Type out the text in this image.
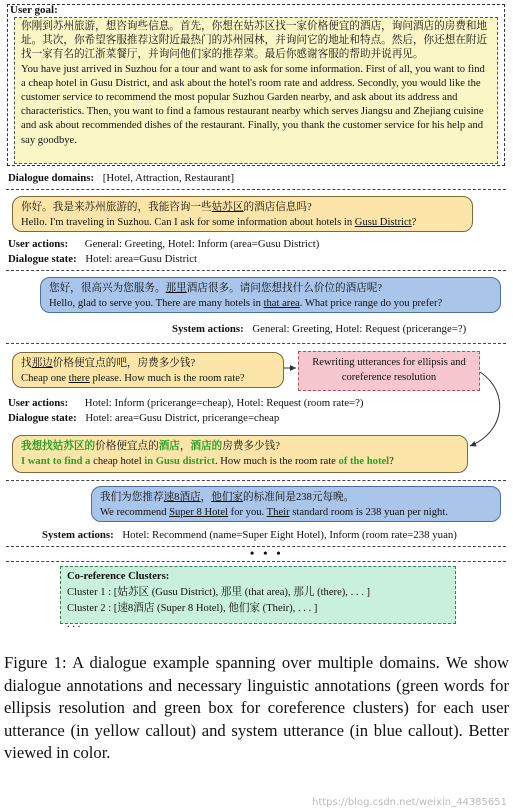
User goal:
你刚到苏州旅游，想咨询些信息。首先，你想在姑苏区找一家价格便宜的酒店，询问酒店的房费和地址。其次，你希望客服推荐这附近最热门的苏州园林，并询问它的地址和特点。然后，你还想在附近找一家有名的江浙菜餐厅，并询问他们家的推荐菜。最后你感谢客服的帮助并说再见。
You have just arrived in Suzhou for a tour and want to ask for some information. First of all, you want to find a cheap hotel in Gusu District, and ask about the hotel's room rate and address. Secondly, you would like the customer service to recommend the most popular Suzhou Garden nearby, and ask about its address and characteristics. Then, you want to find a famous restaurant nearby which serves Jiangsu and Zhejiang cuisine and ask about recommended dishes of the restaurant. Finally, you thank the customer service for his help and say goodbye.
Dialogue domains: [Hotel, Attraction, Restaurant]
你好。我是来苏州旅游的，我能咨询一些姑苏区的酒店信息吗?
Hello. I'm traveling in Suzhou. Can I ask for some information about hotels in Gusu District?
User actions: General: Greeting, Hotel: Inform (area=Gusu District)
Dialogue state: Hotel: area=Gusu District
您好，很高兴为您服务。那里酒店很多。请问您想找什么价位的酒店呢?
Hello, glad to serve you. There are many hotels in that area. What price range do you prefer?
System actions: General: Greeting, Hotel: Request (pricerange=?)
找那边价格便宜点的吧，房费多少钱?
Cheap one there please. How much is the room rate?
Rewriting utterances for ellipsis and coreference resolution
User actions: Hotel: Inform (pricerange=cheap), Hotel: Request (room rate=?)
Dialogue state: Hotel: area=Gusu District, pricerange=cheap
我想找姑苏区的价格便宜点的酒店，酒店的房费多少钱?
I want to find a cheap hotel in Gusu district. How much is the room rate of the hotel?
我们为您推荐速8酒店，他们家的标准间是238元每晚。
We recommend Super 8 Hotel for you. Their standard room is 238 yuan per night.
System actions: Hotel: Recommend (name=Super Eight Hotel), Inform (room rate=238 yuan)
• • •
Co-reference Clusters:
Cluster 1 : [姑苏区 (Gusu District), 那里 (that area), 那儿 (there), . . . ]
Cluster 2 : [速8酒店 (Super 8 Hotel), 他们家 (Their), . . . ]
. . .
Figure 1: A dialogue example spanning over multiple domains. We show dialogue annotations and necessary linguistic annotations (green words for ellipsis resolution and green box for coreference clusters) for each user utterance (in yellow callout) and system utterance (in blue callout). Better viewed in color.
https://blog.csdn.net/weixin_44385651
